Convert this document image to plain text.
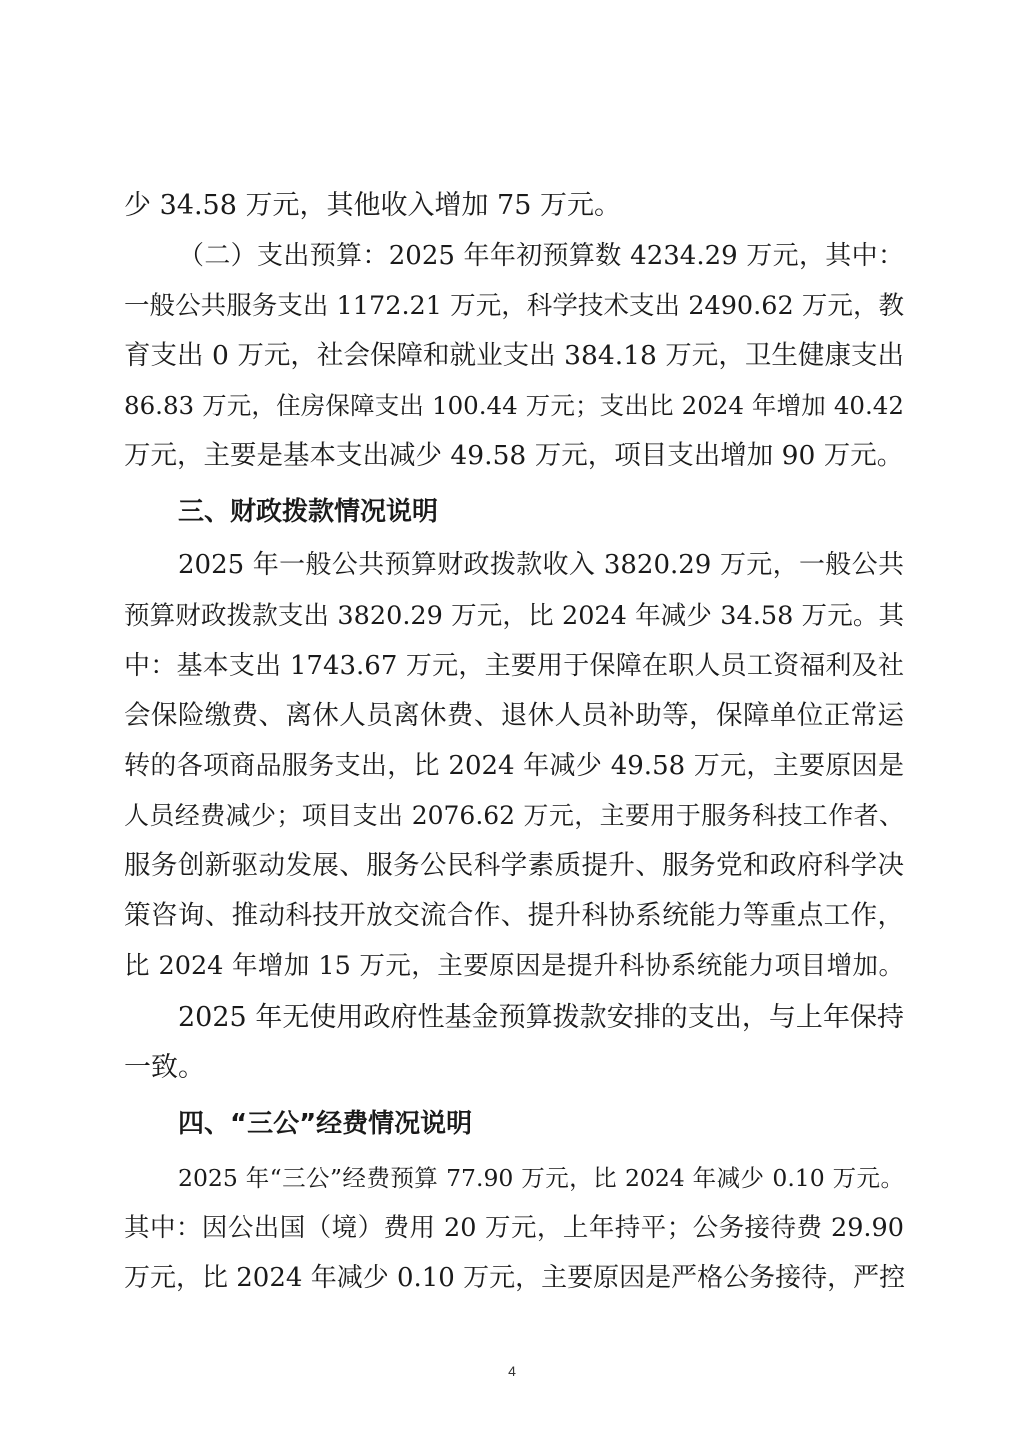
少 34.58 万元，其他收入增加 75 万元。
（二）支出预算：2025 年年初预算数 4234.29 万元，其中：
一般公共服务支出 1172.21 万元，科学技术支出 2490.62 万元，教
育支出 0 万元，社会保障和就业支出 384.18 万元，卫生健康支出
86.83 万元，住房保障支出 100.44 万元；支出比 2024 年增加 40.42
万元，主要是基本支出减少 49.58 万元，项目支出增加 90 万元。
三、财政拨款情况说明
2025 年一般公共预算财政拨款收入 3820.29 万元，一般公共
预算财政拨款支出 3820.29 万元，比 2024 年减少 34.58 万元。其
中：基本支出 1743.67 万元，主要用于保障在职人员工资福利及社
会保险缴费、离休人员离休费、退休人员补助等，保障单位正常运
转的各项商品服务支出，比 2024 年减少 49.58 万元，主要原因是
人员经费减少；项目支出 2076.62 万元，主要用于服务科技工作者、
服务创新驱动发展、服务公民科学素质提升、服务党和政府科学决
策咨询、推动科技开放交流合作、提升科协系统能力等重点工作，
比 2024 年增加 15 万元，主要原因是提升科协系统能力项目增加。
2025 年无使用政府性基金预算拨款安排的支出，与上年保持
一致。
四、“三公”经费情况说明
2025 年“三公”经费预算 77.90 万元，比 2024 年减少 0.10 万元。
其中：因公出国（境）费用 20 万元，上年持平；公务接待费 29.90
万元，比 2024 年减少 0.10 万元，主要原因是严格公务接待，严控
4
